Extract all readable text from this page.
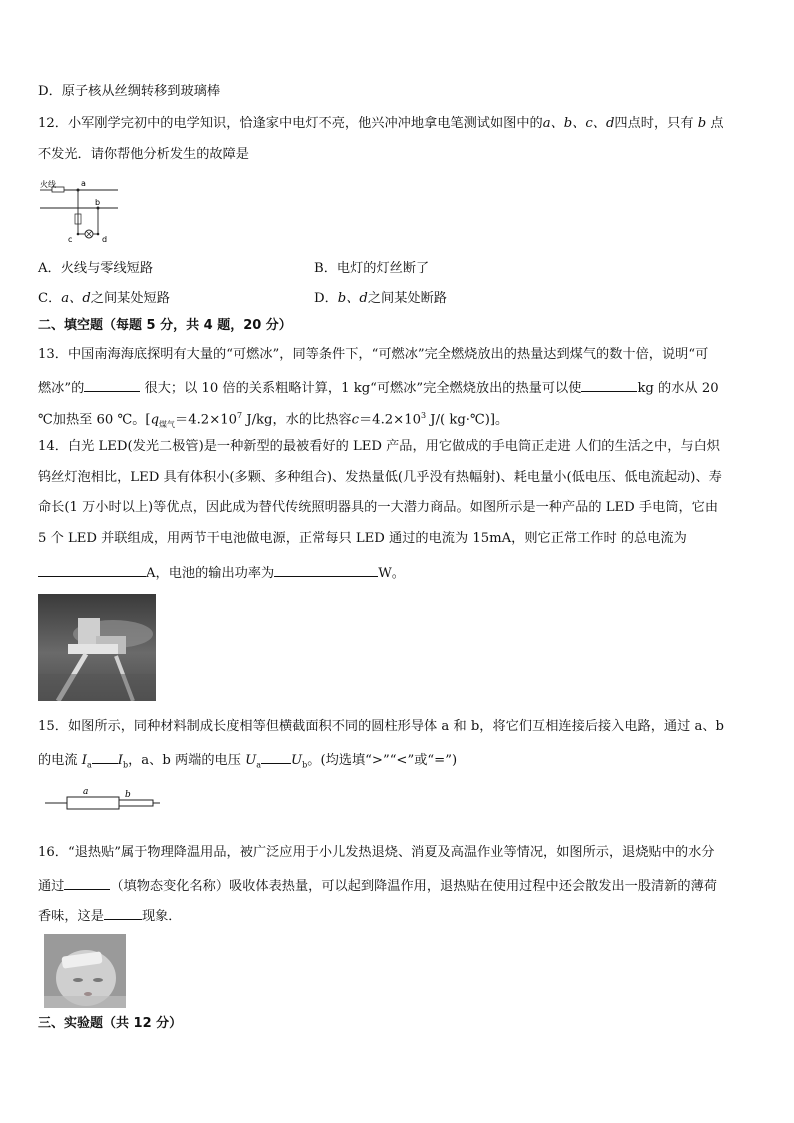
D．原子核从丝绸转移到玻璃棒
12．小军刚学完初中的电学知识，恰逢家中电灯不亮，他兴冲冲地拿电笔测试如图中的a、b、c、d四点时，只有 b 点
不发光．请你帮他分析发生的故障是
火线	a
b
c	d
A．火线与零线短路	B．电灯的灯丝断了
C．a、d之间某处短路	D．b、d之间某处断路
二、填空题（每题 5 分，共 4 题，20 分）
13．中国南海海底探明有大量的“可燃冰”，同等条件下，“可燃冰”完全燃烧放出的热量达到煤气的数十倍，说明“可
燃冰”的	很大；以 10 倍的关系粗略计算，1 kg“可燃冰”完全燃烧放出的热量可以使	kg 的水从 20
℃加热至 60 ℃。[$q_{煤气}=4.2\times 10^7$ J/kg，水的比热容$c=4.2\times 10^3$ J/( kg·℃)]。
14．白光 LED(发光二极管)是一种新型的最被看好的 LED 产品，用它做成的手电筒正走进 人们的生活之中，与白炽
钨丝灯泡相比，LED 具有体积小(多颗、多种组合)、发热量低(几乎没有热幅射)、耗电量小(低电压、低电流起动)、寿
命长(1 万小时以上)等优点，因此成为替代传统照明器具的一大潜力商品。如图所示是一种产品的 LED 手电筒，它由
5 个 LED 并联组成，用两节干电池做电源，正常每只 LED 通过的电流为 15mA，则它正常工作时 的总电流为
A，电池的输出功率为	W。
15．如图所示，同种材料制成长度相等但横截面积不同的圆柱形导体 a 和 b，将它们互相连接后接入电路，通过 a、b
的电流 $I_a$ $I_b$，a、b 两端的电压 $U_a$ $U_b$。(均选填“>”“<”或“=”)
a	b
16．“退热贴”属于物理降温用品，被广泛应用于小儿发热退烧、消夏及高温作业等情况，如图所示，退烧贴中的水分
通过	（填物态变化名称）吸收体表热量，可以起到降温作用，退热贴在使用过程中还会散发出一股清新的薄荷
香味，这是	现象．
三、实验题（共 12 分）
